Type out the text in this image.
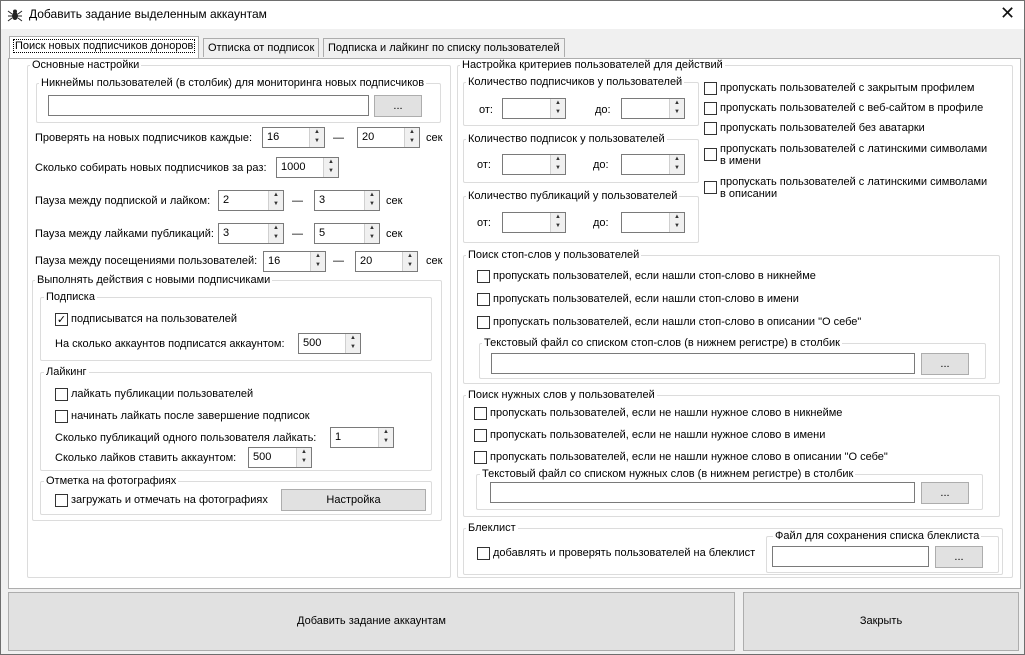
Добавить задание выделенным аккаунтам	✕
Поиск новых подписчиков доноров	Отписка от подписок	Подписка и лайкинг по списку пользователей
Основные настройки
Никнеймы пользователей (в столбик) для мониторинга новых подписчиков
...
Проверять на новых подписчиков каждые: 16	▲
▼	— 20	▲
▼	сек
Сколько собирать новых подписчиков за раз: 1000	▲
▼
Пауза между подпиской и лайком: 2	▲
▼	— 3	▲
▼	сек
Пауза между лайками публикаций: 3	▲
▼	— 5	▲
▼	сек
Пауза между посещениями пользователей: 16	▲
▼	— 20	▲
▼	сек
Выполнять действия с новыми подписчиками
Подписка
✓ подписыватся на пользователей
На сколько аккаунтов подписатся аккаунтом: 500	▲
▼
Лайкинг
лайкать публикации пользователей
начинать лайкать после завершение подписок
Сколько публикаций одного пользователя лайкать: 1	▲
▼
Сколько лайков ставить аккаунтом: 500	▲
▼
Отметка на фотографиях
загружать и отмечать на фотографиях	Настройка
Настройка критериев пользователей для действий
Количество подписчиков у пользователей
от:
▲
▼	до:
▲
▼
Количество подписок у пользователей
от:	▲
▼	до:	▲
▼
Количество публикаций у пользователей
от:	▲
▼	до:	▲
▼
пропускать пользователей с закрытым профилем
пропускать пользователей с веб-сайтом в профиле
пропускать пользователей без аватарки
пропускать пользователей с латинскими символами
в имени
пропускать пользователей с латинскими символами
в описании
Поиск стоп-слов у пользователей
пропускать пользователей, если нашли стоп-слово в никнейме
пропускать пользователей, если нашли стоп-слово в имени
пропускать пользователей, если нашли стоп-слово в описании "О себе"
Текстовый файл со списком стоп-слов (в нижнем регистре) в столбик
...
Поиск нужных слов у пользователей
пропускать пользователей, если не нашли нужное слово в никнейме
пропускать пользователей, если не нашли нужное слово в имени
пропускать пользователей, если не нашли нужное слово в описании "О себе"
Текстовый файл со списком нужных слов (в нижнем регистре) в столбик
...
Блеклист
добавлять и проверять пользователей на блеклист
Файл для сохранения списка блеклиста
...
Добавить задание аккаунтам	Закрыть
